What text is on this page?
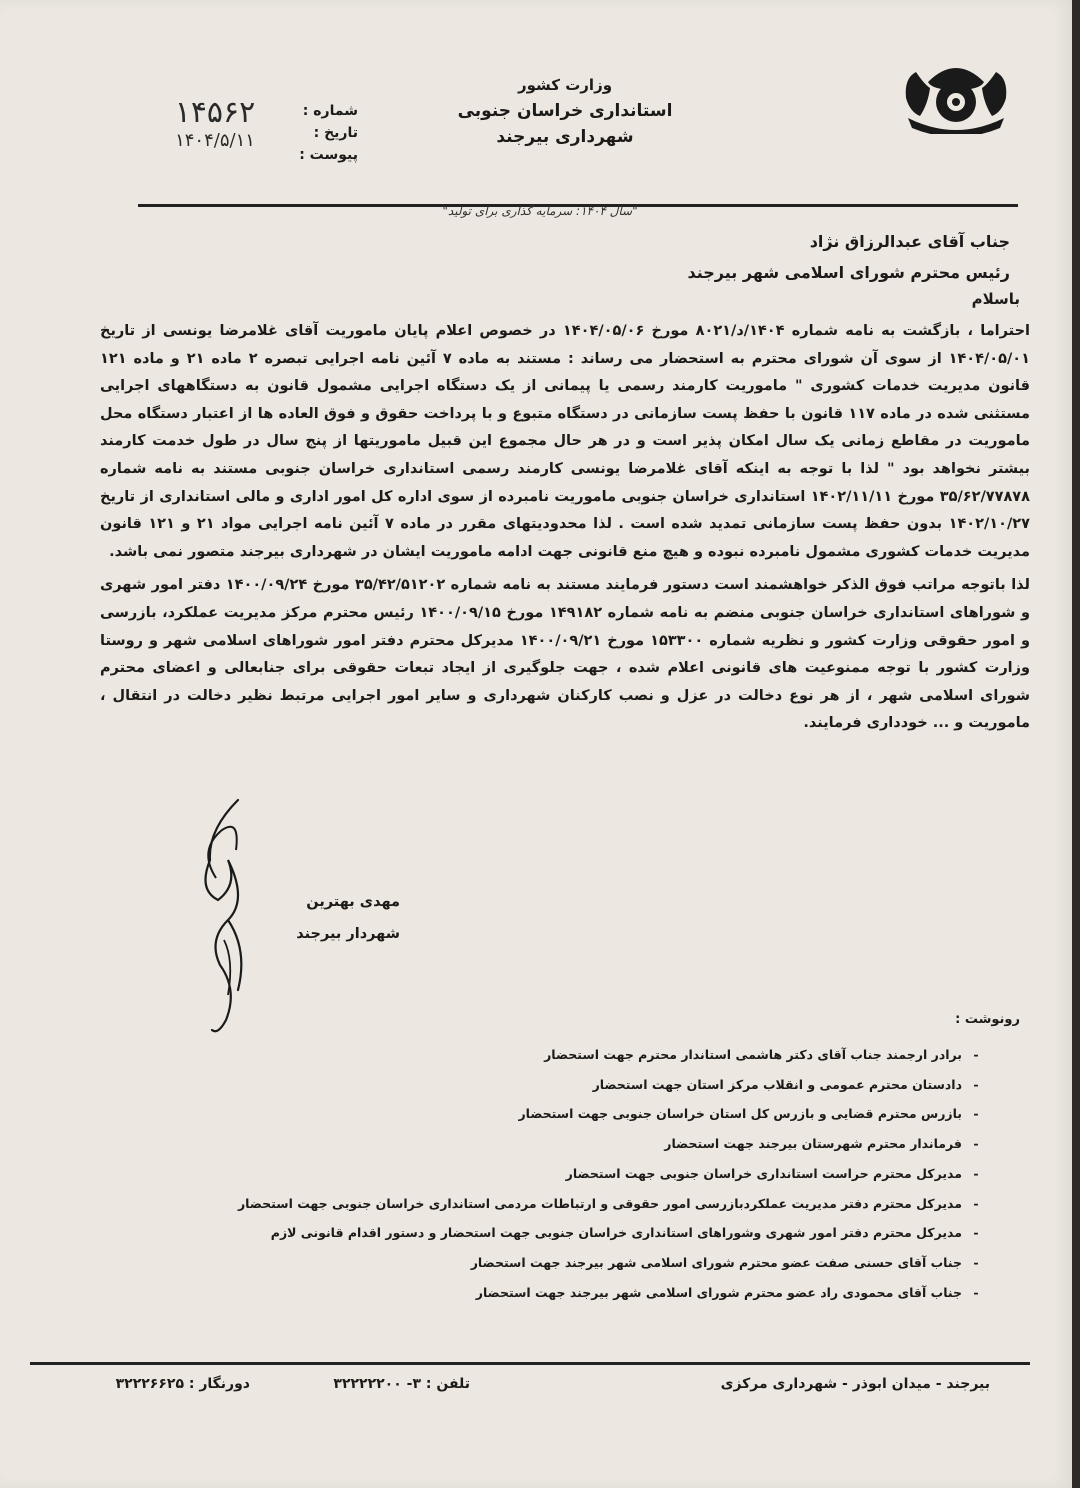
وزارت کشور
استانداری خراسان جنوبی
شهرداری بیرجند
شماره :
تاریخ :
پیوست :
۱۴۵۶۲
۱۴۰۴/۵/۱۱
"سال ۱۴۰۴: سرمایه گذاری برای تولید"
جناب آقای عبدالرزاق نژاد
رئیس محترم شورای اسلامی شهر بیرجند
باسلام

احتراما ، بازگشت به نامه شماره ۱۴۰۴/د/۸۰۲۱ مورخ ۱۴۰۴/۰۵/۰۶ در خصوص اعلام پایان ماموریت آقای غلامرضا یونسی از تاریخ ۱۴۰۴/۰۵/۰۱ از سوی آن شورای محترم به استحضار می رساند : مستند به ماده ۷ آئین نامه اجرایی تبصره ۲ ماده ۲۱ و ماده ۱۲۱ قانون مدیریت خدمات کشوری " ماموریت کارمند رسمی یا پیمانی از یک دستگاه اجرایی مشمول قانون به دستگاههای اجرایی مستثنی شده در ماده ۱۱۷ قانون با حفظ پست سازمانی در دستگاه متبوع و با پرداخت حقوق و فوق العاده ها از اعتبار دستگاه محل ماموریت در مقاطع زمانی یک سال امکان پذیر است و در هر حال مجموع این قبیل ماموریتها از پنج سال در طول خدمت کارمند بیشتر نخواهد بود " لذا با توجه به اینکه آقای غلامرضا یونسی کارمند رسمی استانداری خراسان جنوبی مستند به نامه شماره ۳۵/۶۲/۷۷۸۷۸ مورخ ۱۴۰۲/۱۱/۱۱ استانداری خراسان جنوبی ماموریت نامبرده از سوی اداره کل امور اداری و مالی استانداری از تاریخ ۱۴۰۲/۱۰/۲۷ بدون حفظ پست سازمانی تمدید شده است . لذا محدودیتهای مقرر در ماده ۷ آئین نامه اجرایی مواد ۲۱ و ۱۲۱ قانون مدیریت خدمات کشوری مشمول نامبرده نبوده و هیچ منع قانونی جهت ادامه ماموریت ایشان در شهرداری بیرجند متصور نمی باشد.

لذا باتوجه مراتب فوق الذکر خواهشمند است دستور فرمایند مستند به نامه شماره ۳۵/۴۲/۵۱۲۰۲ مورخ ۱۴۰۰/۰۹/۲۴ دفتر امور شهری و شوراهای استانداری خراسان جنوبی منضم به نامه شماره ۱۴۹۱۸۲ مورخ ۱۴۰۰/۰۹/۱۵ رئیس محترم مرکز مدیریت عملکرد، بازرسی و امور حقوقی وزارت کشور و نظریه شماره ۱۵۳۳۰۰ مورخ ۱۴۰۰/۰۹/۲۱ مدیرکل محترم دفتر امور شوراهای اسلامی شهر و روستا وزارت کشور با توجه ممنوعیت های قانونی اعلام شده ، جهت جلوگیری از ایجاد تبعات حقوقی برای جنابعالی و اعضای محترم شورای اسلامی شهر ، از هر نوع دخالت در عزل و نصب کارکنان شهرداری و سایر امور اجرایی مرتبط نظیر دخالت در انتقال ، ماموریت و ... خودداری فرمایند.

مهدی بهترین
شهردار بیرجند
رونوشت :
-برادر ارجمند جناب آقای دکتر هاشمی استاندار محترم جهت استحضار
-دادستان محترم عمومی و انقلاب مرکز استان جهت استحضار
-بازرس محترم قضایی و بازرس کل استان خراسان جنوبی جهت استحضار
-فرماندار محترم شهرستان بیرجند جهت استحضار
-مدیرکل محترم حراست استانداری خراسان جنوبی جهت استحضار
-مدیرکل محترم دفتر مدیریت عملکردبازرسی امور حقوقی و ارتباطات مردمی استانداری خراسان جنوبی جهت استحضار
-مدیرکل محترم دفتر امور شهری وشوراهای استانداری خراسان جنوبی جهت استحضار و دستور اقدام قانونی لازم
-جناب آقای حسنی صفت عضو محترم شورای اسلامی شهر بیرجند جهت استحضار
-جناب آقای محمودی راد عضو محترم شورای اسلامی شهر بیرجند جهت استحضار
بیرجند - میدان ابوذر - شهرداری مرکزی
تلفن : ۳- ۳۲۲۲۲۲۰۰
دورنگار : ۳۲۲۲۶۶۲۵
